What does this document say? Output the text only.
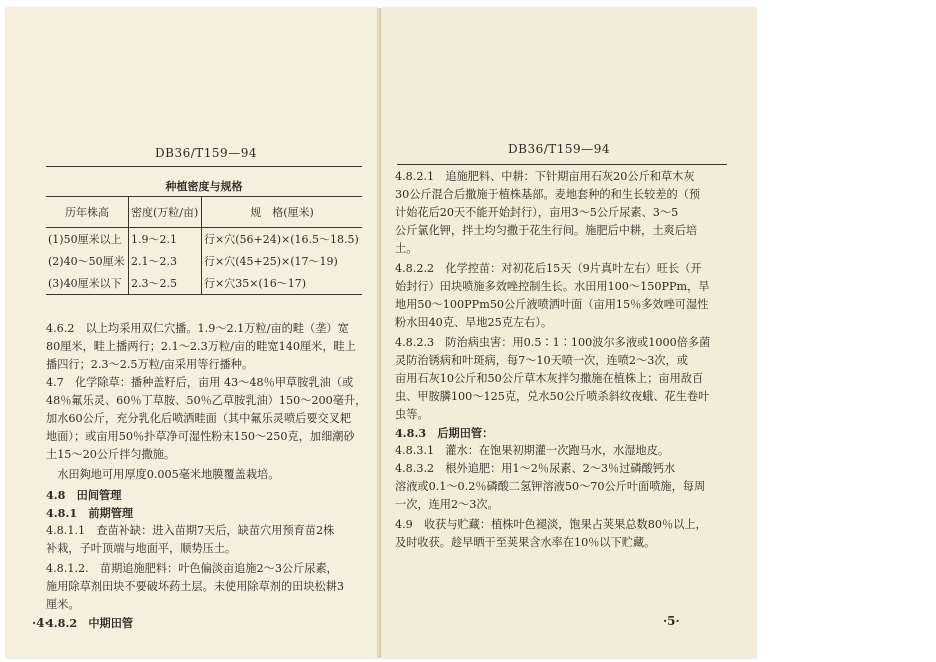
DB36/T159—94
种植密度与规格		
历年株高	密度(万粒/亩)	规　格(厘米)
(1)50厘米以上	1.9～2.1	行×穴(56+24)×(16.5～18.5)
(2)40～50厘米	2.1～2.3	行×穴(45+25)×(17～19)
(3)40厘米以下	2.3～2.5	行×穴35×(16～17)
4.6.2　以上均采用双仁穴播。1.9～2.1万粒/亩的畦（垄）宽
80厘米，畦上播两行；2.1～2.3万粒/亩的畦宽140厘米，畦上
播四行；2.3～2.5万粒/亩采用等行播种。
4.7　化学除草：播种盖籽后，亩用 43～48％甲草胺乳油（或
48％氟乐灵、60％丁草胺、50％乙草胺乳油）150～200毫升，
加水60公斤，充分乳化后喷洒畦面（其中氟乐灵喷后要交叉耙
地面）；或亩用50％扑草净可湿性粉末150～250克，加细潮砂
土15～20公斤拌匀撒施。
　水田夠地可用厚度0.005毫米地膜覆盖栽培。
4.8　田间管理
4.8.1　前期管理
4.8.1.1　查苗补缺：进入苗期7天后，缺苗穴用预育苗2株
补栽，子叶顶端与地面平，顺势压土。
4.8.1.2.　苗期追施肥料：叶色偏淡亩追施2～3公斤尿素，
施用除草剂田块不要破坏药土层。未使用除草剂的田块松耕3
厘米。
4.8.2　中期田管
·4·
DB36/T159—94
4.8.2.1　追施肥料、中耕：下针期亩用石灰20公斤和草木灰
30公斤混合后撒施于植株基部。麦地套种的和生长较差的（预
计始花后20天不能开始封行），亩用3～5公斤尿素、3～5
公斤氯化钾，拌土均匀撒于花生行间。施肥后中耕，土爽后培
土。
4.8.2.2　化学控苗：对初花后15天（9片真叶左右）旺长（开
始封行）田块喷施多效唑控制生长。水田用100～150PPm，旱
地用50～100PPm50公斤液喷洒叶面（亩用15％多效唑可湿性
粉水田40克、旱地25克左右）。
4.8.2.3　防治病虫害：用0.5∶1∶100波尔多液或1000倍多菌
灵防治锈病和叶斑病，每7～10天喷一次，连喷2～3次，或
亩用石灰10公斤和50公斤草木灰拌匀撒施在植株上；亩用敌百
虫、甲胺膦100～125克，兑水50公斤喷杀斜纹夜蛾、花生卷叶
虫等。
4.8.3　后期田管：
4.8.3.1　灌水：在饱果初期灌一次跑马水，水湿地皮。
4.8.3.2　根外追肥：用1～2％尿素、2～3％过磷酸钙水
溶液或0.1～0.2％磷酸二氢钾溶液50～70公斤叶面喷施，每周
一次，连用2～3次。
4.9　收获与贮藏：植株叶色褪淡，饱果占荚果总数80％以上，
及时收获。趁早晒干至荚果含水率在10％以下贮藏。
·5·
